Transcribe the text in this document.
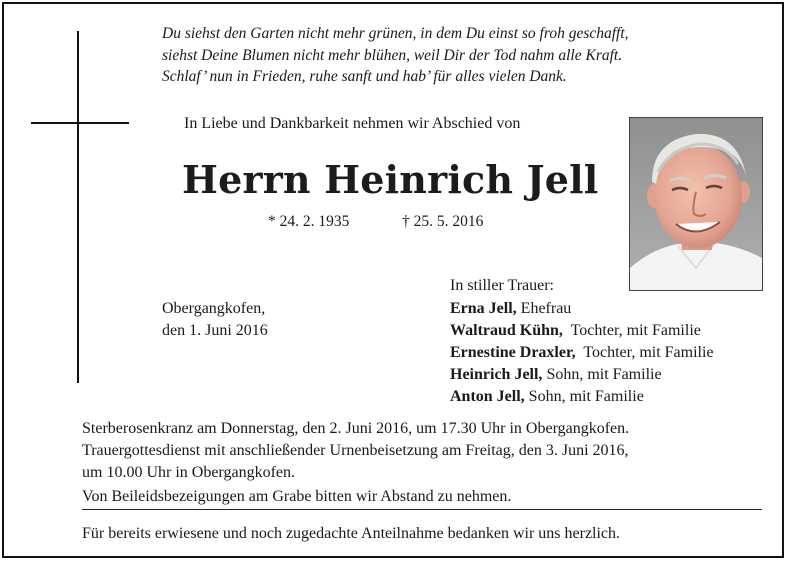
Du siehst den Garten nicht mehr grünen, in dem Du einst so froh geschafft,
siehst Deine Blumen nicht mehr blühen, weil Dir der Tod nahm alle Kraft.
Schlaf’ nun in Frieden, ruhe sanft und hab’ für alles vielen Dank.
In Liebe und Dankbarkeit nehmen wir Abschied von
Herrn Heinrich Jell
* 24. 2. 1935	† 25. 5. 2016
In stiller Trauer:
Obergangkofen,
den 1. Juni 2016
Erna Jell, Ehefrau
Waltraud Kühn,  Tochter, mit Familie
Ernestine Draxler,  Tochter, mit Familie
Heinrich Jell, Sohn, mit Familie
Anton Jell, Sohn, mit Familie
Sterberosenkranz am Donnerstag, den 2. Juni 2016, um 17.30 Uhr in Obergangkofen.
Trauergottesdienst mit anschließender Urnenbeisetzung am Freitag, den 3. Juni 2016,
um 10.00 Uhr in Obergangkofen.
Von Beileidsbezeigungen am Grabe bitten wir Abstand zu nehmen.
Für bereits erwiesene und noch zugedachte Anteilnahme bedanken wir uns herzlich.
